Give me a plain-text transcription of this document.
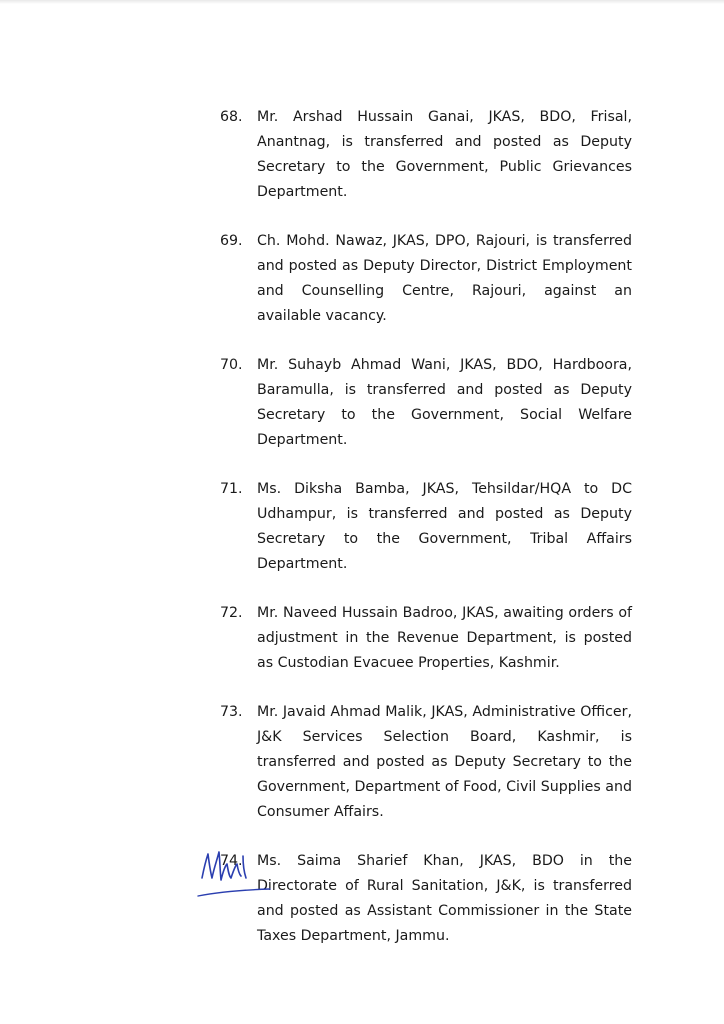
68. Mr. Arshad Hussain Ganai, JKAS, BDO, Frisal, Anantnag, is transferred and posted as Deputy Secretary to the Government, Public Grievances Department.
69. Ch. Mohd. Nawaz, JKAS, DPO, Rajouri, is transferred and posted as Deputy Director, District Employment and Counselling Centre, Rajouri, against an available vacancy.
70. Mr. Suhayb Ahmad Wani, JKAS, BDO, Hardboora, Baramulla, is transferred and posted as Deputy Secretary to the Government, Social Welfare Department.
71. Ms. Diksha Bamba, JKAS, Tehsildar/HQA to DC Udhampur, is transferred and posted as Deputy Secretary to the Government, Tribal Affairs Department.
72. Mr. Naveed Hussain Badroo, JKAS, awaiting orders of adjustment in the Revenue Department, is posted as Custodian Evacuee Properties, Kashmir.
73. Mr. Javaid Ahmad Malik, JKAS, Administrative Officer, J&K Services Selection Board, Kashmir, is transferred and posted as Deputy Secretary to the Government, Department of Food, Civil Supplies and Consumer Affairs.
74. Ms. Saima Sharief Khan, JKAS, BDO in the Directorate of Rural Sanitation, J&K, is transferred and posted as Assistant Commissioner in the State Taxes Department, Jammu.
